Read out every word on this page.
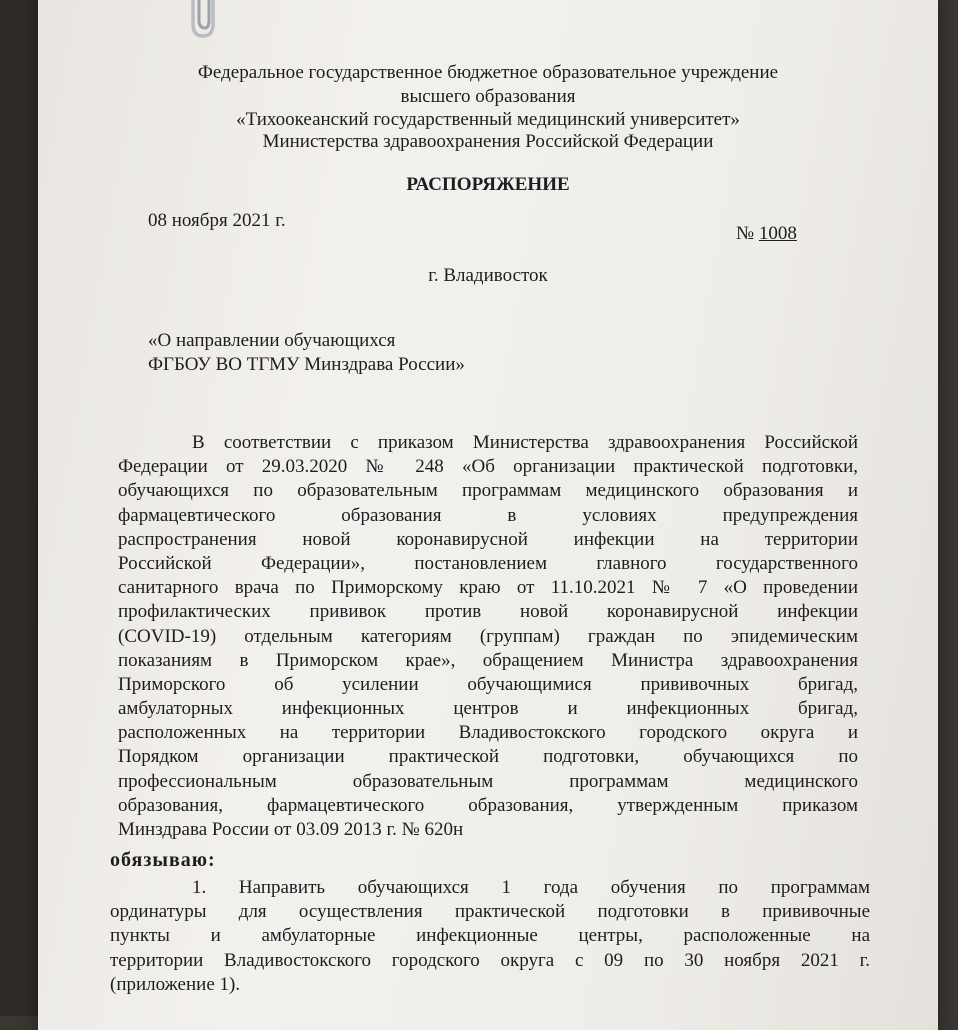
Федеральное государственное бюджетное образовательное учреждение
высшего образования
«Тихоокеанский государственный медицинский университет»
Министерства здравоохранения Российской Федерации
РАСПОРЯЖЕНИЕ
08 ноября 2021 г.
№ 1008
г. Владивосток
«О направлении обучающихся
ФГБОУ ВО ТГМУ Минздрава России»
В соответствии с приказом Министерства здравоохранения Российской
Федерации от 29.03.2020 № 248 «Об организации практической подготовки,
обучающихся по образовательным программам медицинского образования и
фармацевтического образования в условиях предупреждения
распространения новой коронавирусной инфекции на территории
Российской Федерации», постановлением главного государственного
санитарного врача по Приморскому краю от 11.10.2021 № 7 «О проведении
профилактических прививок против новой коронавирусной инфекции
(COVID-19) отдельным категориям (группам) граждан по эпидемическим
показаниям в Приморском крае», обращением Министра здравоохранения
Приморского об усилении обучающимися прививочных бригад,
амбулаторных инфекционных центров и инфекционных бригад,
расположенных на территории Владивостокского городского округа и
Порядком организации практической подготовки, обучающихся по
профессиональным образовательным программам медицинского
образования, фармацевтического образования, утвержденным приказом
Минздрава России от 03.09 2013 г. № 620н
обязываю:
1. Направить обучающихся 1 года обучения по программам
ординатуры для осуществления практической подготовки в прививочные
пункты и амбулаторные инфекционные центры, расположенные на
территории Владивостокского городского округа с 09 по 30 ноября 2021 г.
(приложение 1).
